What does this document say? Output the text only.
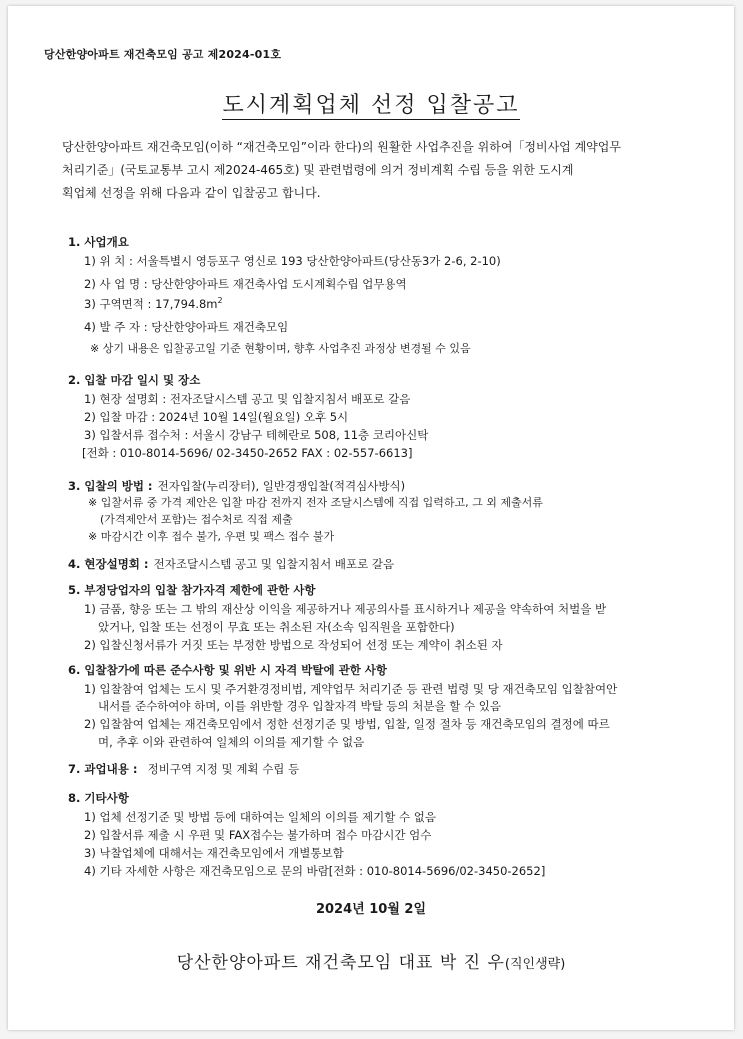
당산한양아파트 재건축모임 공고 제2024-01호
도시계획업체 선정 입찰공고
당산한양아파트 재건축모임(이하 “재건축모임”이라 한다)의 원활한 사업추진을 위하여「정비사업 계약업무
처리기준」(국토교통부 고시 제2024-465호) 및 관련법령에 의거 정비계획 수립 등을 위한 도시계
획업체 선정을 위해 다음과 같이 입찰공고 합니다.
1. 사업개요
1) 위 치 : 서울특별시 영등포구 영신로 193 당산한양아파트(당산동3가 2-6, 2-10)
2) 사 업 명 : 당산한양아파트 재건축사업 도시계획수립 업무용역
3) 구역면적 : $17,794.8m^2$
4) 발 주 자 : 당산한양아파트 재건축모임
※ 상기 내용은 입찰공고일 기준 현황이며, 향후 사업추진 과정상 변경될 수 있음
2. 입찰 마감 일시 및 장소
1) 현장 설명회 : 전자조달시스템 공고 및 입찰지침서 배포로 갈음
2) 입찰 마감 : 2024년 10월 14일(월요일) 오후 5시
3) 입찰서류 접수처 : 서울시 강남구 테헤란로 508, 11층 코리아신탁
[전화 : 010-8014-5696/ 02-3450-2652 FAX : 02-557-6613]
3. 입찰의 방법 : 전자입찰(누리장터), 일반경쟁입찰(적격심사방식)
※ 입찰서류 중 가격 제안은 입찰 마감 전까지 전자 조달시스템에 직접 입력하고, 그 외 제출서류
(가격제안서 포함)는 접수처로 직접 제출
※ 마감시간 이후 접수 불가, 우편 및 팩스 접수 불가
4. 현장설명회 : 전자조달시스템 공고 및 입찰지침서 배포로 갈음
5. 부정당업자의 입찰 참가자격 제한에 관한 사항
1) 금품, 향응 또는 그 밖의 재산상 이익을 제공하거나 제공의사를 표시하거나 제공을 약속하여 처벌을 받
았거나, 입찰 또는 선정이 무효 또는 취소된 자(소속 임직원을 포함한다)
2) 입찰신청서류가 거짓 또는 부정한 방법으로 작성되어 선정 또는 계약이 취소된 자
6. 입찰참가에 따른 준수사항 및 위반 시 자격 박탈에 관한 사항
1) 입찰참여 업체는 도시 및 주거환경정비법, 계약업무 처리기준 등 관련 법령 및 당 재건축모임 입찰참여안
내서를 준수하여야 하며, 이를 위반할 경우 입찰자격 박탈 등의 처분을 할 수 있음
2) 입찰참여 업체는 재건축모임에서 정한 선정기준 및 방법, 입찰, 일정 절차 등 재건축모임의 결정에 따르
며, 추후 이와 관련하여 일체의 이의를 제기할 수 없음
7. 과업내용 : 정비구역 지정 및 계획 수립 등
8. 기타사항
1) 업체 선정기준 및 방법 등에 대하여는 일체의 이의를 제기할 수 없음
2) 입찰서류 제출 시 우편 및 FAX접수는 불가하며 접수 마감시간 엄수
3) 낙찰업체에 대해서는 재건축모임에서 개별통보함
4) 기타 자세한 사항은 재건축모임으로 문의 바람[전화 : 010-8014-5696/02-3450-2652]
2024년 10월 2일
당산한양아파트 재건축모임 대표 박 진 우(직인생략)
